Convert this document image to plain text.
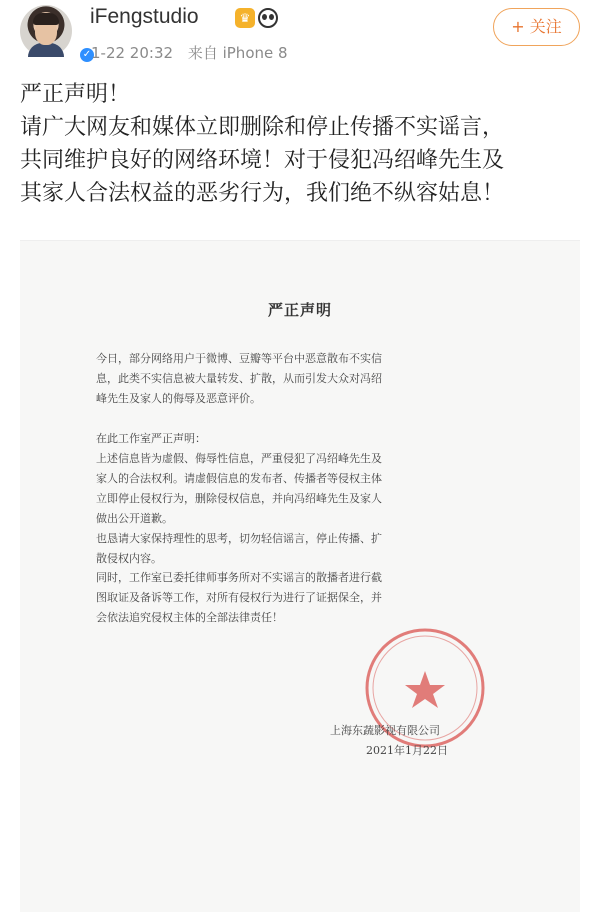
✓
iFengstudio	♛
1-22 20:32 来自 iPhone 8
+ 关注

严正声明！

请广大网友和媒体立即删除和停止传播不实谣言，

共同维护良好的网络环境！对于侵犯冯绍峰先生及

其家人合法权益的恶劣行为，我们绝不纵容姑息！

严正声明
今日，部分网络用户于微博、豆瓣等平台中恶意散布不实信
息，此类不实信息被大量转发、扩散，从而引发大众对冯绍
峰先生及家人的侮辱及恶意评价。
在此工作室严正声明：
上述信息皆为虚假、侮辱性信息，严重侵犯了冯绍峰先生及
家人的合法权利。请虚假信息的发布者、传播者等侵权主体
立即停止侵权行为，删除侵权信息，并向冯绍峰先生及家人
做出公开道歉。
也恳请大家保持理性的思考，切勿轻信谣言，停止传播、扩
散侵权内容。
同时，工作室已委托律师事务所对不实谣言的散播者进行截
图取证及备诉等工作，对所有侵权行为进行了证据保全，并
会依法追究侵权主体的全部法律责任！
上海东蔬影视有限公司
2021年1月22日
